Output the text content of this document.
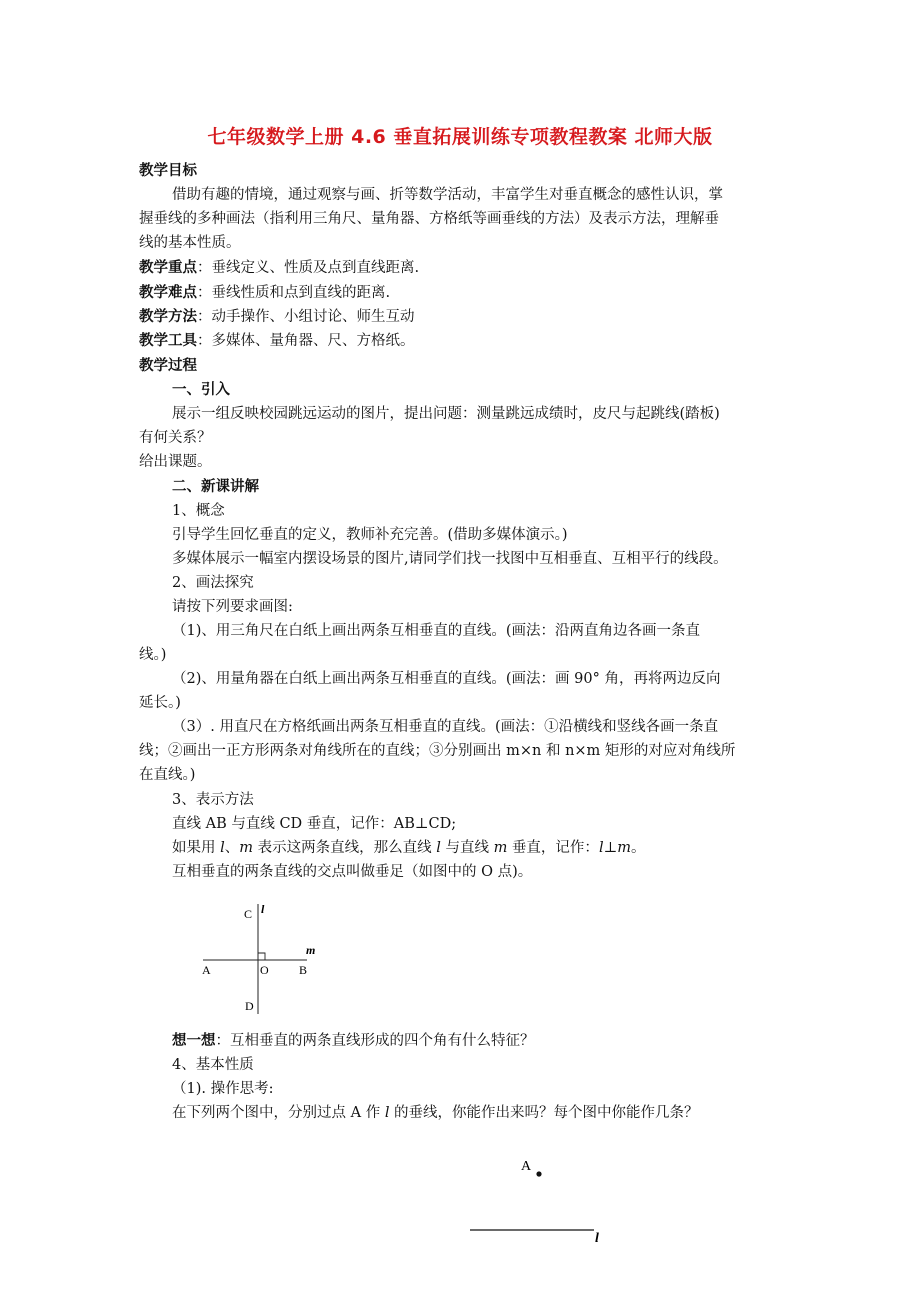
七年级数学上册 4.6 垂直拓展训练专项教程教案 北师大版
教学目标
借助有趣的情境，通过观察与画、折等数学活动，丰富学生对垂直概念的感性认识，掌
握垂线的多种画法（指利用三角尺、量角器、方格纸等画垂线的方法）及表示方法，理解垂
线的基本性质。
教学重点：垂线定义、性质及点到直线距离.
教学难点：垂线性质和点到直线的距离.
教学方法：动手操作、小组讨论、师生互动
教学工具：多媒体、量角器、尺、方格纸。
教学过程
一、引入
展示一组反映校园跳远运动的图片，提出问题：测量跳远成绩时，皮尺与起跳线(踏板)
有何关系？
给出课题。
二、新课讲解
1、概念
引导学生回忆垂直的定义，教师补充完善。(借助多媒体演示。)
多媒体展示一幅室内摆设场景的图片,请同学们找一找图中互相垂直、互相平行的线段。
2、画法探究
请按下列要求画图:
（1)、用三角尺在白纸上画出两条互相垂直的直线。(画法：沿两直角边各画一条直
线。)
（2)、用量角器在白纸上画出两条互相垂直的直线。(画法：画 90° 角，再将两边反向
延长。)
（3）. 用直尺在方格纸画出两条互相垂直的直线。(画法：①沿横线和竖线各画一条直
线；②画出一正方形两条对角线所在的直线；③分别画出 m×n 和 n×m 矩形的对应对角线所
在直线。)
3、表示方法
直线 AB 与直线 CD 垂直，记作：AB⊥CD;
如果用 l、m 表示这两条直线，那么直线 l 与直线 m 垂直，记作：l⊥m。
互相垂直的两条直线的交点叫做垂足（如图中的 O 点)。
C l
m
A	O	B
D
想一想：互相垂直的两条直线形成的四个角有什么特征？
4、基本性质
（1). 操作思考:
在下列两个图中，分别过点 A 作 l 的垂线，你能作出来吗？每个图中你能作几条？
A
l
